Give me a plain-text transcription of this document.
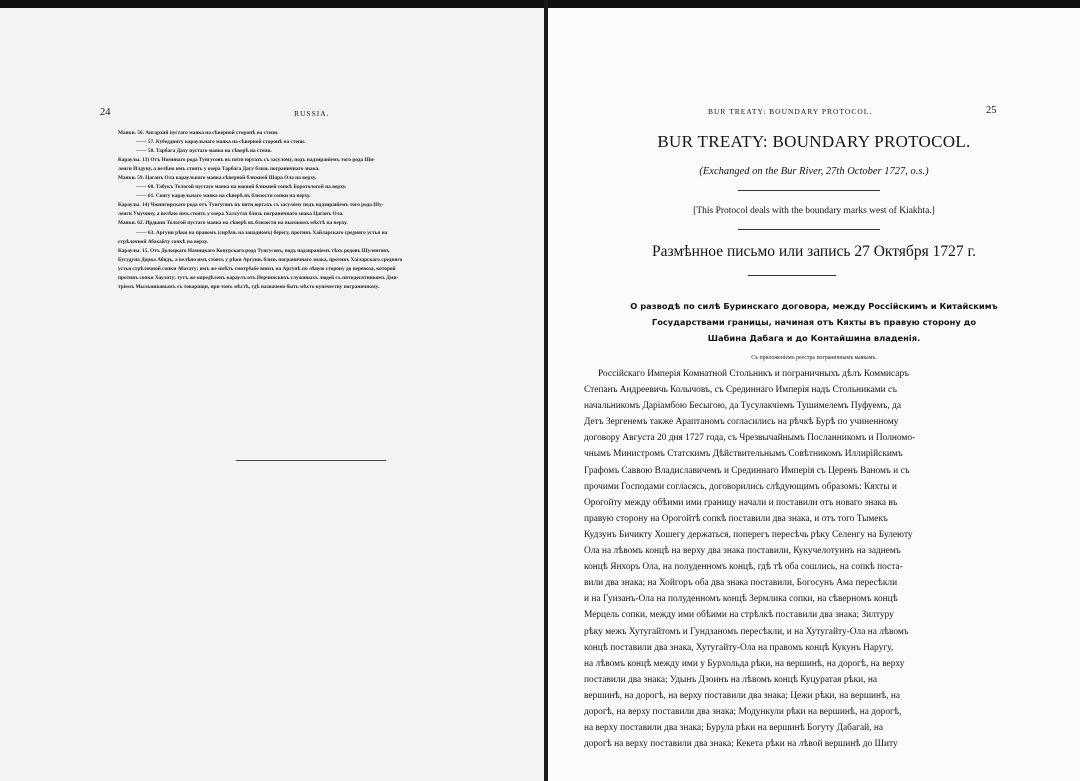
24	RUSSIA.

Маяки. 56. Ангархай пустаго маяка на сѣверной сторонѣ на степи.

—— 57. Кубеддингу караульнаго маяка на сѣверной сторонѣ на степи.

—— 58. Тарбага Даху пустаго маяка на сѣверѣ на степи.

Караулы. 13) Отъ Номинаго рода Тунгусовъ въ пяти юртахъ съ засулому, подъ надзираніемъ того рода Ши-

леиги Илдуну, а велѣно имъ стоять у озера Тарбага Дагу близь пограничнаго знака.

Маяки. 59. Цаганъ Ола караульнаго маяка сѣверной ближней Шара Ола на верху.

—— 60. Табукъ Тологой пустаго маяка на южной ближней сопкѣ Боротологой на верху.

—— 61. Сонгу караульнаго маяка на сѣверѣ въ близости сопки на верху.

Караулы. 14) Чжингирскаго рода отъ Тунгусовъ въ пяти юртахъ съ засулому подъ надзираніемъ того рода Шу-

леиги Умучину, а велѣно имъ стоять у озера Халсутах близь пограничнаго знака Цаганъ Ола.

Маяки. 62. Ирдыни Тологой пустаго маяка на сѣверѣ въ близости на высокомъ мѣстѣ на верху.

—— 63. Аргуни рѣки на правомъ (сирѣчь на западномъ) берегу, противъ Хайларскаго средняго устья на

стрѣлочной Абахайту сопкѣ на верху.

Караулы. 15. Отъ Долоцкаго Намицкаго Конурскаго рода Тунгусовъ, подъ надзираніемъ тѣхъ родовъ Шуленговъ

Бугудуна Дорка Абидъ, а велѣно имъ стоять у рѣки Аргуни, близь пограничнаго знака, противъ Хаіларскаго средняго

устья стрѣлочной сопки Абагату; имъ же имѣть смотрѣніе внизъ на Аргунѣ по лѣвую сторону до перевоза, которой

противъ сопки Хаулату; тутъ же опредѣленъ караулъ отъ Нерчинскихъ служивыхъ людей съ пятидесятникомъ Дми-

тріемъ Мыльниковымъ съ товарищи, при томъ мѣстѣ, гдѣ назначено быть мѣсто купечеству пограничному.

BUR TREATY: BOUNDARY PROTOCOL.	25
BUR TREATY: BOUNDARY PROTOCOL.
(Exchanged on the Bur River, 27th October 1727, o.s.)
[This Protocol deals with the boundary marks west of Kiakhta.]
Размѣнное письмо или запись 27 Октября 1727 г.
О разводѣ по силѣ Буринскаго договора, между Россійскимъ и Китайскимъ
Государствами границы, начиная отъ Кяхты въ правую сторону до
Шабина Дабага и до Контайшина владенія.
Съ приложеніемъ реестра пограничнымъ маякамъ.

Россійскаго Имперія Комнатной Стольникъ и пограничныхъ дѣлъ Коммисаръ

Степанъ Андреевичь Колычовъ, съ Срединнаго Имперія надъ Стольниками съ

начальникомъ Даріамбою Бесыгою, да Тусулакчіемъ Тушимелемъ Пуфуемъ, да

Детъ Зергенемъ также Араптаномъ согласились на рѣчкѣ Бурѣ по учиненному

договору Августа 20 дня 1727 года, съ Чрезвычайнымъ Посланникомъ и Полномо-

чнымъ Министромъ Статскимъ Дѣйствительнымъ Совѣтникомъ Иллирійскимъ

Графомъ Саввою Владиславичемъ и Срединнаго Имперія съ Церенъ Ваномъ и съ

прочими Господами согласясь, договорились слѣдующимъ образомъ: Кяхты и

Орогойту между обѣими ими границу начали и поставили отъ новаго знака въ

правую сторону на Орогойтѣ сопкѣ поставили два знака, и отъ того Тымекъ

Кудзунъ Бичикту Хошегу держаться, поперегъ пересѣчь рѣку Селенгу на Булеюту

Ола на лѣвомъ концѣ на верху два знака поставили, Кукучелотуинъ на заднемъ

концѣ Янхоръ Ола, на полуденномъ концѣ, гдѣ тѣ оба сошлись, на сопкѣ поста-

вили два знака; на Хойгоръ оба два знака поставили, Богосунъ Ама пересѣкли

и на Гуизанъ-Ола на полуденномъ концѣ Зермлика сопки, на сѣверномъ концѣ

Мерцель сопки, между ими обѣими на стрѣлкѣ поставили два знака; Зилтуру

рѣку межъ Хутугайтомъ и Гундзаномъ пересѣкли, и на Хутугайту-Ола на лѣвомъ

концѣ поставили два знака, Хутугайту-Ола на правомъ концѣ Кукунъ Наругу,

на лѣвомъ концѣ между ими у Бурхольда рѣки, на вершинѣ, на дорогѣ, на верху

поставили два знака; Удынъ Дзоинъ на лѣвомъ концѣ Куцуратая рѣки, на

вершинѣ, на дорогѣ, на верху поставили два знака; Цежи рѣки, на вершинѣ, на

дорогѣ, на верху поставили два знака; Модункули рѣки на вершинѣ, на дорогѣ,

на верху поставили два знака; Бурула рѣки на вершинѣ Богуту Дабагай, на

дорогѣ на верху поставили два знака; Кекета рѣки на лѣвой вершинѣ до Шиту
